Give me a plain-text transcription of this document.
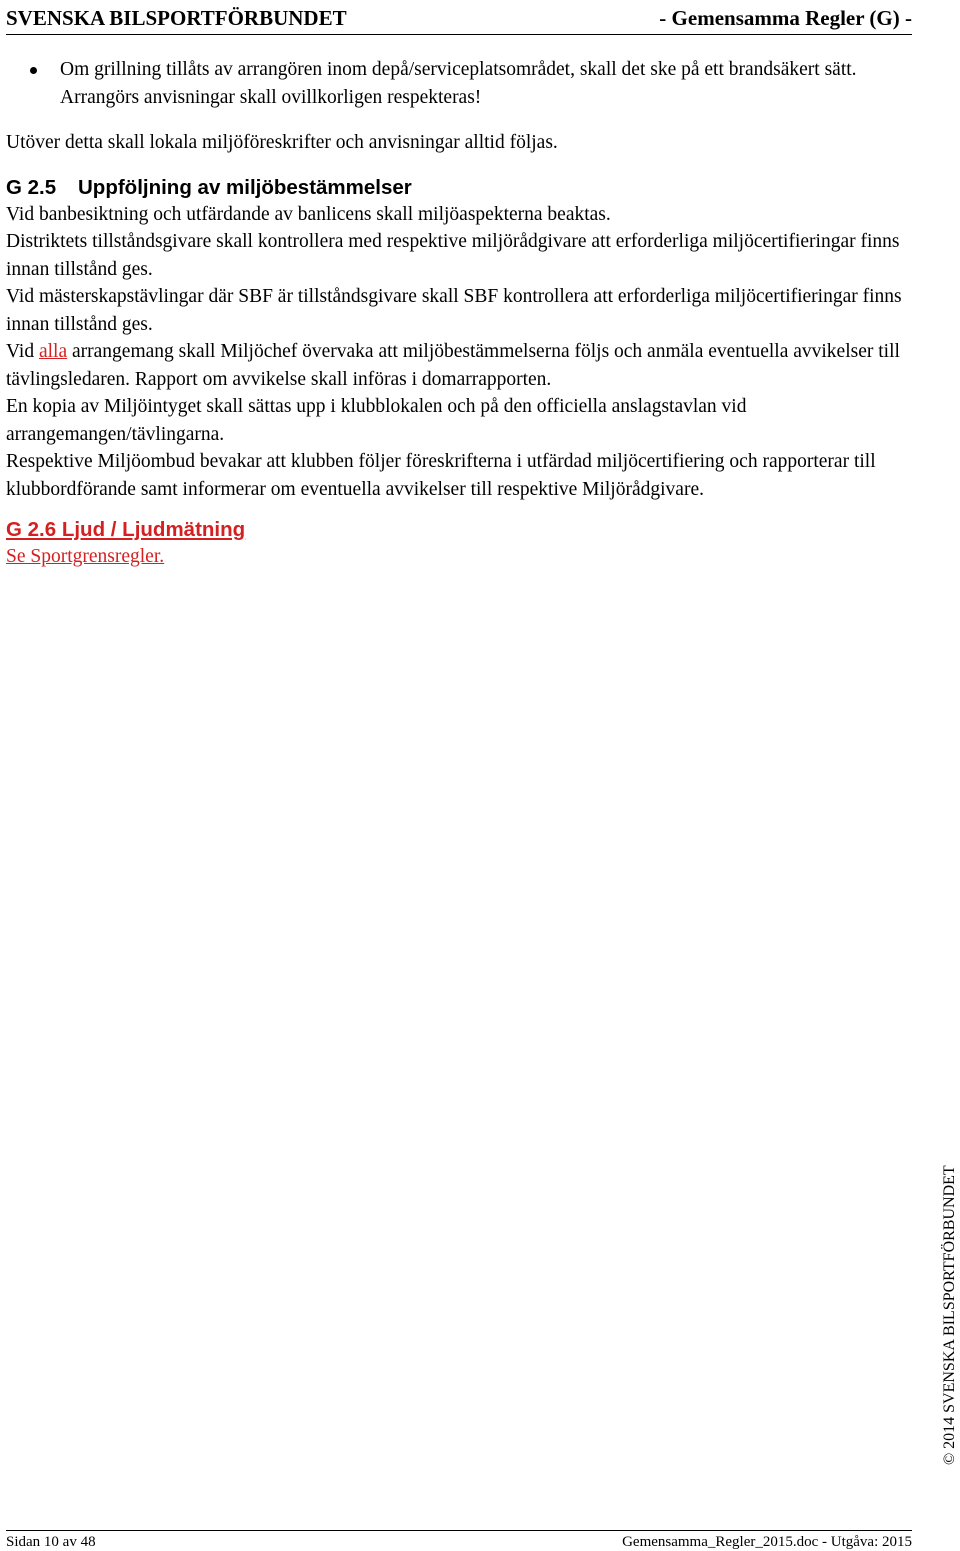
SVENSKA BILSPORTFÖRBUNDET	- Gemensamma Regler (G) -

Om grillning tillåts av arrangören inom depå/serviceplatsområdet, skall det ske på ett brandsäkert sätt. Arrangörs anvisningar skall ovillkorligen respekteras!

Utöver detta skall lokala miljöföreskrifter och anvisningar alltid följas.

G 2.5 Uppföljning av miljöbestämmelser

Vid banbesiktning och utfärdande av banlicens skall miljöaspekterna beaktas.

Distriktets tillståndsgivare skall kontrollera med respektive miljörådgivare att erforderliga miljöcertifieringar finns innan tillstånd ges.

Vid mästerskapstävlingar där SBF är tillståndsgivare skall SBF kontrollera att erforderliga miljöcertifieringar finns innan tillstånd ges.

Vid alla arrangemang skall Miljöchef övervaka att miljöbestämmelserna följs och anmäla eventuella avvikelser till tävlingsledaren. Rapport om avvikelse skall införas i domarrapporten.

En kopia av Miljöintyget skall sättas upp i klubblokalen och på den officiella anslagstavlan vid arrangemangen/tävlingarna.

Respektive Miljöombud bevakar att klubben följer föreskrifterna i utfärdad miljöcertifiering och rapporterar till klubbordförande samt informerar om eventuella avvikelser till respektive Miljörådgivare.

G 2.6 Ljud / Ljudmätning

Se Sportgrensregler.

© 2014 SVENSKA BILSPORTFÖRBUNDET
Sidan 10 av 48	Gemensamma_Regler_2015.doc - Utgåva: 2015
